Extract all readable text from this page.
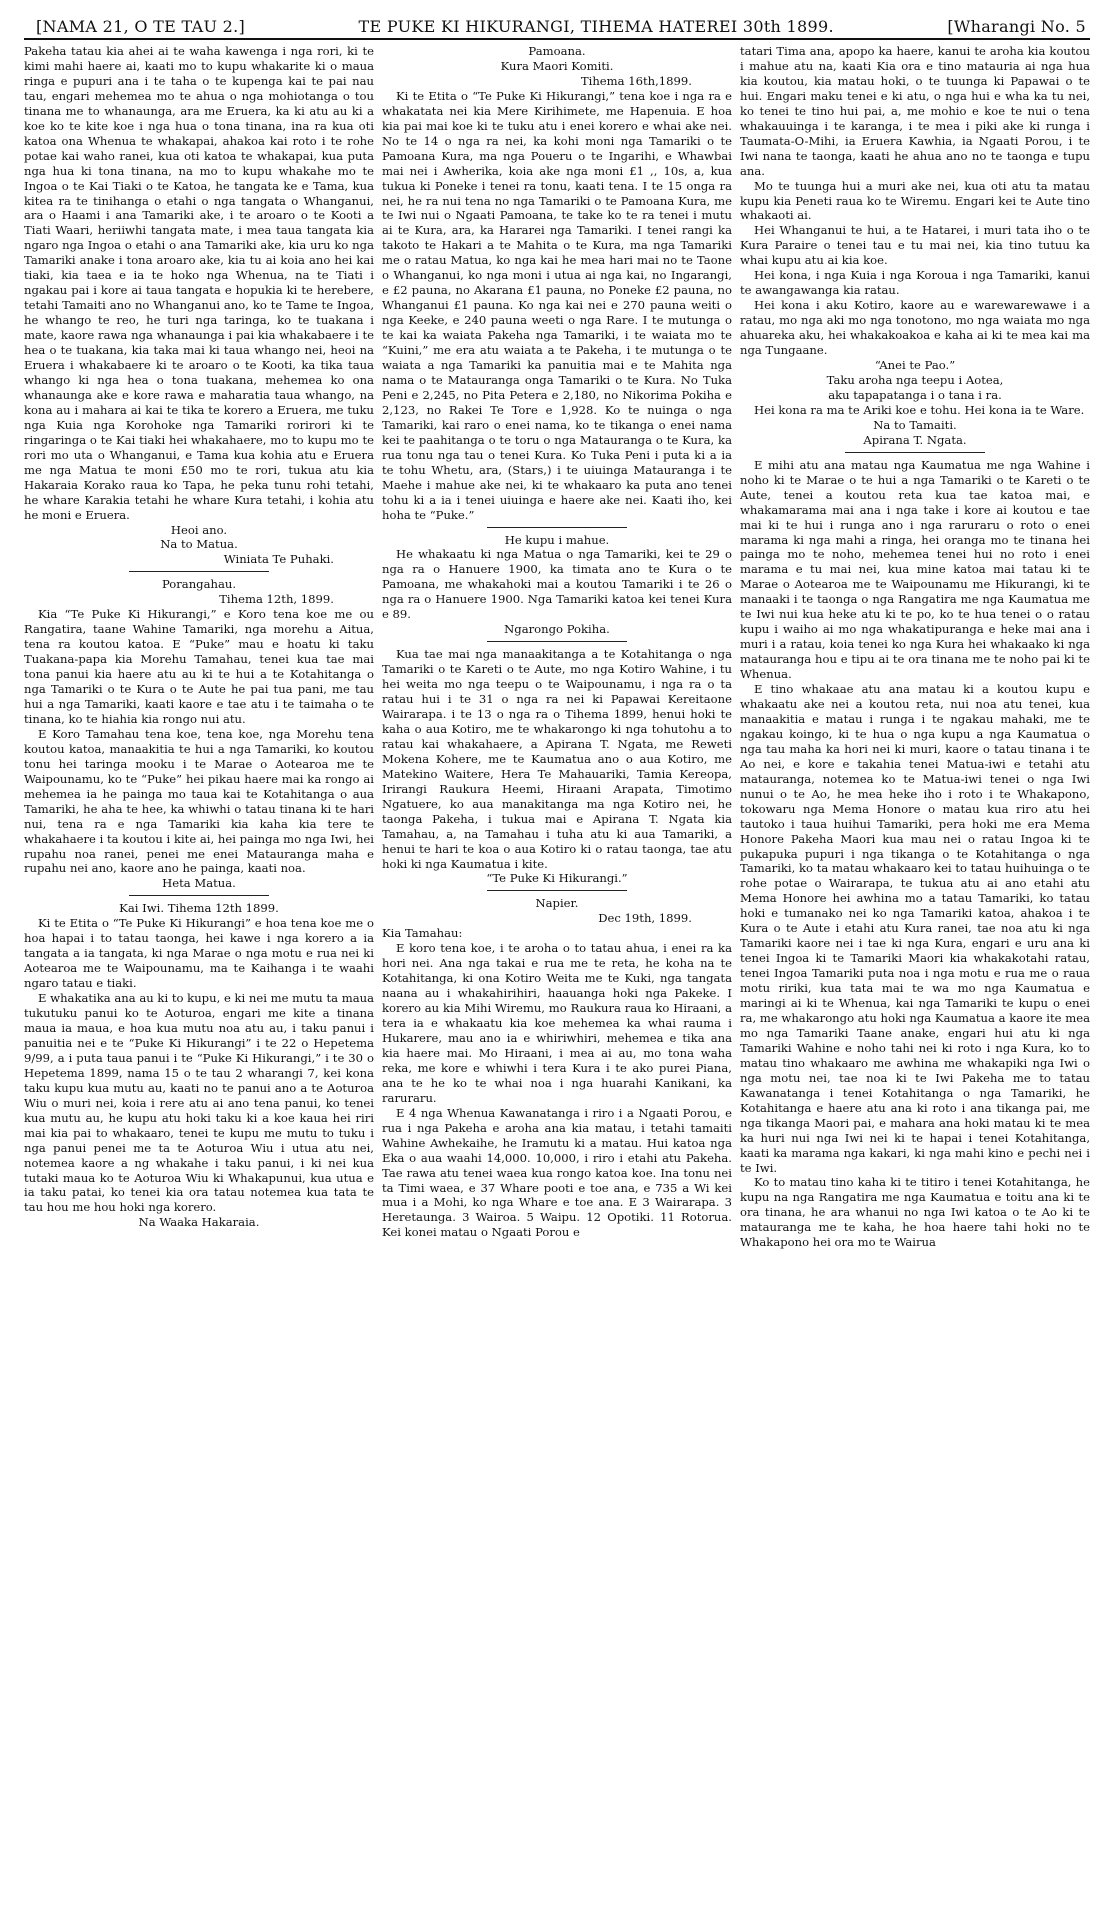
[NAMA 21, O TE TAU 2.]	TE PUKE KI HIKURANGI, TIHEMA HATEREI 30th 1899.	[Wharangi No. 5

Pakeha tatau kia ahei ai te waha kawenga i nga rori, ki te kimi mahi haere ai, kaati mo to kupu whakarite ki o maua ringa e pupuri ana i te taha o te kupenga kai te pai nau tau, engari mehemea mo te ahua o nga mohiotanga o tou tinana me to whanaunga, ara me Eruera, ka ki atu au ki a koe ko te kite koe i nga hua o tona tinana, ina ra kua oti katoa ona Whenua te whakapai, ahakoa kai roto i te rohe potae kai waho ranei, kua oti katoa te whakapai, kua puta nga hua ki tona tinana, na mo to kupu whakahe mo te Ingoa o te Kai Tiaki o te Katoa, he tangata ke e Tama, kua kitea ra te tinihanga o etahi o nga tangata o Whanganui, ara o Haami i ana Tamariki ake, i te aroaro o te Kooti a Tiati Waari, heriiwhi tangata mate, i mea taua tangata kia ngaro nga Ingoa o etahi o ana Tamariki ake, kia uru ko nga Tamariki anake i tona aroaro ake, kia tu ai koia ano hei kai tiaki, kia taea e ia te hoko nga Whenua, na te Tiati i ngakau pai i kore ai taua tangata e hopukia ki te herebere, tetahi Tamaiti ano no Whanganui ano, ko te Tame te Ingoa, he whango te reo, he turi nga taringa, ko te tuakana i mate, kaore rawa nga whanaunga i pai kia whakabaere i te hea o te tuakana, kia taka mai ki taua whango nei, heoi na Eruera i whakabaere ki te aroaro o te Kooti, ka tika taua whango ki nga hea o tona tuakana, mehemea ko ona whanaunga ake e kore rawa e maharatia taua whango, na kona au i mahara ai kai te tika te korero a Eruera, me tuku nga Kuia nga Korohoke nga Tamariki rorirori ki te ringaringa o te Kai tiaki hei whakahaere, mo to kupu mo te rori mo uta o Whanganui, e Tama kua kohia atu e Eruera me nga Matua te moni £50 mo te rori, tukua atu kia Hakaraia Korako raua ko Tapa, he peka tunu rohi tetahi, he whare Karakia tetahi he whare Kura tetahi, i kohia atu he moni e Eruera.

Heoi ano.

Na to Matua.

Winiata Te Puhaki.

Porangahau.

Tihema 12th, 1899.

Kia “Te Puke Ki Hikurangi,” e Koro tena koe me ou Rangatira, taane Wahine Tamariki, nga morehu a Aitua, tena ra koutou katoa. E “Puke” mau e hoatu ki taku Tuakana-papa kia Morehu Tamahau, tenei kua tae mai tona panui kia haere atu au ki te hui a te Kotahitanga o nga Tamariki o te Kura o te Aute he pai tua pani, me tau hui a nga Tamariki, kaati kaore e tae atu i te taimaha o te tinana, ko te hiahia kia rongo nui atu.

E Koro Tamahau tena koe, tena koe, nga Morehu tena koutou katoa, manaakitia te hui a nga Tamariki, ko koutou tonu hei taringa mooku i te Marae o Aotearoa me te Waipounamu, ko te “Puke” hei pikau haere mai ka rongo ai mehemea ia he painga mo taua kai te Kotahitanga o aua Tamariki, he aha te hee, ka whiwhi o tatau tinana ki te hari nui, tena ra e nga Tamariki kia kaha kia tere te whakahaere i ta koutou i kite ai, hei painga mo nga Iwi, hei rupahu noa ranei, penei me enei Matauranga maha e rupahu nei ano, kaore ano he painga, kaati noa.

Heta Matua.

Kai Iwi. Tihema 12th 1899.

Ki te Etita o “Te Puke Ki Hikurangi” e hoa tena koe me o hoa hapai i to tatau taonga, hei kawe i nga korero a ia tangata a ia tangata, ki nga Marae o nga motu e rua nei ki Aotearoa me te Waipounamu, ma te Kaihanga i te waahi ngaro tatau e tiaki.

E whakatika ana au ki to kupu, e ki nei me mutu ta maua tukutuku panui ko te Aoturoa, engari me kite a tinana maua ia maua, e hoa kua mutu noa atu au, i taku panui i panuitia nei e te “Puke Ki Hikurangi” i te 22 o Hepetema 9/99, a i puta taua panui i te “Puke Ki Hikurangi,” i te 30 o Hepetema 1899, nama 15 o te tau 2 wharangi 7, kei kona taku kupu kua mutu au, kaati no te panui ano a te Aoturoa Wiu o muri nei, koia i rere atu ai ano tena panui, ko tenei kua mutu au, he kupu atu hoki taku ki a koe kaua hei riri mai kia pai to whakaaro, tenei te kupu me mutu to tuku i nga panui penei me ta te Aoturoa Wiu i utua atu nei, notemea kaore a ng whakahe i taku panui, i ki nei kua tutaki maua ko te Aoturoa Wiu ki Whakapunui, kua utua e ia taku patai, ko tenei kia ora tatau notemea kua tata te tau hou me hou hoki nga korero.

Na Waaka Hakaraia.

Pamoana.

Kura Maori Komiti.

Tihema 16th,1899.

Ki te Etita o “Te Puke Ki Hikurangi,” tena koe i nga ra e whakatata nei kia Mere Kirihimete, me Hapenuia. E hoa kia pai mai koe ki te tuku atu i enei korero e whai ake nei. No te 14 o nga ra nei, ka kohi moni nga Tamariki o te Pamoana Kura, ma nga Poueru o te Ingarihi, e Whawbai mai nei i Awherika, koia ake nga moni £1 ,, 10s, a, kua tukua ki Poneke i tenei ra tonu, kaati tena. I te 15 onga ra nei, he ra nui tena no nga Tamariki o te Pamoana Kura, me te Iwi nui o Ngaati Pamoana, te take ko te ra tenei i mutu ai te Kura, ara, ka Hararei nga Tamariki. I tenei rangi ka takoto te Hakari a te Mahita o te Kura, ma nga Tamariki me o ratau Matua, ko nga kai he mea hari mai no te Taone o Whanganui, ko nga moni i utua ai nga kai, no Ingarangi, e £2 pauna, no Akarana £1 pauna, no Poneke £2 pauna, no Whanganui £1 pauna. Ko nga kai nei e 270 pauna weiti o nga Keeke, e 240 pauna weeti o nga Rare. I te mutunga o te kai ka waiata Pakeha nga Tamariki, i te waiata mo te “Kuini,” me era atu waiata a te Pakeha, i te mutunga o te waiata a nga Tamariki ka panuitia mai e te Mahita nga nama o te Matauranga onga Tamariki o te Kura. No Tuka Peni e 2,245, no Pita Petera e 2,180, no Nikorima Pokiha e 2,123, no Rakei Te Tore e 1,928. Ko te nuinga o nga Tamariki, kai raro o enei nama, ko te tikanga o enei nama kei te paahitanga o te toru o nga Matauranga o te Kura, ka rua tonu nga tau o tenei Kura. Ko Tuka Peni i puta ki a ia te tohu Whetu, ara, (Stars,) i te uiuinga Matauranga i te Maehe i mahue ake nei, ki te whakaaro ka puta ano tenei tohu ki a ia i tenei uiuinga e haere ake nei. Kaati iho, kei hoha te “Puke.”

He kupu i mahue.

He whakaatu ki nga Matua o nga Tamariki, kei te 29 o nga ra o Hanuere 1900, ka timata ano te Kura o te Pamoana, me whakahoki mai a koutou Tamariki i te 26 o nga ra o Hanuere 1900. Nga Tamariki katoa kei tenei Kura e 89.

Ngarongo Pokiha.

Kua tae mai nga manaakitanga a te Kotahitanga o nga Tamariki o te Kareti o te Aute, mo nga Kotiro Wahine, i tu hei weita mo nga teepu o te Waipounamu, i nga ra o ta ratau hui i te 31 o nga ra nei ki Papawai Kereitaone Wairarapa. i te 13 o nga ra o Tihema 1899, henui hoki te kaha o aua Kotiro, me te whakarongo ki nga tohutohu a to ratau kai whakahaere, a Apirana T. Ngata, me Reweti Mokena Kohere, me te Kaumatua ano o aua Kotiro, me Matekino Waitere, Hera Te Mahauariki, Tamia Kereopa, Irirangi Raukura Heemi, Hiraani Arapata, Timotimo Ngatuere, ko aua manakitanga ma nga Kotiro nei, he taonga Pakeha, i tukua mai e Apirana T. Ngata kia Tamahau, a, na Tamahau i tuha atu ki aua Tamariki, a henui te hari te koa o aua Kotiro ki o ratau taonga, tae atu hoki ki nga Kaumatua i kite.

“Te Puke Ki Hikurangi.”

Napier.

Dec 19th, 1899.

Kia Tamahau:

E koro tena koe, i te aroha o to tatau ahua, i enei ra ka hori nei. Ana nga takai e rua me te reta, he koha na te Kotahitanga, ki ona Kotiro Weita me te Kuki, nga tangata naana au i whakahirihiri, haauanga hoki nga Pakeke. I korero au kia Mihi Wiremu, mo Raukura raua ko Hiraani, a tera ia e whakaatu kia koe mehemea ka whai rauma i Hukarere, mau ano ia e whiriwhiri, mehemea e tika ana kia haere mai. Mo Hiraani, i mea ai au, mo tona waha reka, me kore e whiwhi i tera Kura i te ako purei Piana, ana te he ko te whai noa i nga huarahi Kanikani, ka raruraru.

E 4 nga Whenua Kawanatanga i riro i a Ngaati Porou, e rua i nga Pakeha e aroha ana kia matau, i tetahi tamaiti Wahine Awhekaihe, he Iramutu ki a matau. Hui katoa nga Eka o aua waahi 14,000. 10,000, i riro i etahi atu Pakeha. Tae rawa atu tenei waea kua rongo katoa koe. Ina tonu nei ta Timi waea, e 37 Whare pooti e toe ana, e 735 a Wi kei mua i a Mohi, ko nga Whare e toe ana. E 3 Wairarapa. 3 Heretaunga. 3 Wairoa. 5 Waipu. 12 Opotiki. 11 Rotorua. Kei konei matau o Ngaati Porou e

tatari Tima ana, apopo ka haere, kanui te aroha kia koutou i mahue atu na, kaati Kia ora e tino matauria ai nga hua kia koutou, kia matau hoki, o te tuunga ki Papawai o te hui. Engari maku tenei e ki atu, o nga hui e wha ka tu nei, ko tenei te tino hui pai, a, me mohio e koe te nui o tena whakauuinga i te karanga, i te mea i piki ake ki runga i Taumata-O-Mihi, ia Eruera Kawhia, ia Ngaati Porou, i te Iwi nana te taonga, kaati he ahua ano no te taonga e tupu ana.

Mo te tuunga hui a muri ake nei, kua oti atu ta matau kupu kia Peneti raua ko te Wiremu. Engari kei te Aute tino whakaoti ai.

Hei Whanganui te hui, a te Hatarei, i muri tata iho o te Kura Paraire o tenei tau e tu mai nei, kia tino tutuu ka whai kupu atu ai kia koe.

Hei kona, i nga Kuia i nga Koroua i nga Tamariki, kanui te awangawanga kia ratau.

Hei kona i aku Kotiro, kaore au e warewarewawe i a ratau, mo nga aki mo nga tonotono, mo nga waiata mo nga ahuareka aku, hei whakakoakoa e kaha ai ki te mea kai ma nga Tungaane.

“Anei te Pao.”

Taku aroha nga teepu i Aotea,

aku tapapatanga i o tana i ra.

Hei kona ra ma te Ariki koe e tohu. Hei kona ia te Ware.

Na to Tamaiti.

Apirana T. Ngata.

E mihi atu ana matau nga Kaumatua me nga Wahine i noho ki te Marae o te hui a nga Tamariki o te Kareti o te Aute, tenei a koutou reta kua tae katoa mai, e whakamarama mai ana i nga take i kore ai koutou e tae mai ki te hui i runga ano i nga raruraru o roto o enei marama ki nga mahi a ringa, hei oranga mo te tinana hei painga mo te noho, mehemea tenei hui no roto i enei marama e tu mai nei, kua mine katoa mai tatau ki te Marae o Aotearoa me te Waipounamu me Hikurangi, ki te manaaki i te taonga o nga Rangatira me nga Kaumatua me te Iwi nui kua heke atu ki te po, ko te hua tenei o o ratau kupu i waiho ai mo nga whakatipuranga e heke mai ana i muri i a ratau, koia tenei ko nga Kura hei whakaako ki nga matauranga hou e tipu ai te ora tinana me te noho pai ki te Whenua.

E tino whakaae atu ana matau ki a koutou kupu e whakaatu ake nei a koutou reta, nui noa atu tenei, kua manaakitia e matau i runga i te ngakau mahaki, me te ngakau koingo, ki te hua o nga kupu a nga Kaumatua o nga tau maha ka hori nei ki muri, kaore o tatau tinana i te Ao nei, e kore e takahia tenei Matua-iwi e tetahi atu matauranga, notemea ko te Matua-iwi tenei o nga Iwi nunui o te Ao, he mea heke iho i roto i te Whakapono, tokowaru nga Mema Honore o matau kua riro atu hei tautoko i taua huihui Tamariki, pera hoki me era Mema Honore Pakeha Maori kua mau nei o ratau Ingoa ki te pukapuka pupuri i nga tikanga o te Kotahitanga o nga Tamariki, ko ta matau whakaaro kei to tatau huihuinga o te rohe potae o Wairarapa, te tukua atu ai ano etahi atu Mema Honore hei awhina mo a tatau Tamariki, ko tatau hoki e tumanako nei ko nga Tamariki katoa, ahakoa i te Kura o te Aute i etahi atu Kura ranei, tae noa atu ki nga Tamariki kaore nei i tae ki nga Kura, engari e uru ana ki tenei Ingoa ki te Tamariki Maori kia whakakotahi ratau, tenei Ingoa Tamariki puta noa i nga motu e rua me o raua motu ririki, kua tata mai te wa mo nga Kaumatua e maringi ai ki te Whenua, kai nga Tamariki te kupu o enei ra, me whakarongo atu hoki nga Kaumatua a kaore ite mea mo nga Tamariki Taane anake, engari hui atu ki nga Tamariki Wahine e noho tahi nei ki roto i nga Kura, ko to matau tino whakaaro me awhina me whakapiki nga Iwi o nga motu nei, tae noa ki te Iwi Pakeha me to tatau Kawanatanga i tenei Kotahitanga o nga Tamariki, he Kotahitanga e haere atu ana ki roto i ana tikanga pai, me nga tikanga Maori pai, e mahara ana hoki matau ki te mea ka huri nui nga Iwi nei ki te hapai i tenei Kotahitanga, kaati ka marama nga kakari, ki nga mahi kino e pechi nei i te Iwi.

Ko to matau tino kaha ki te titiro i tenei Kotahitanga, he kupu na nga Rangatira me nga Kaumatua e toitu ana ki te ora tinana, he ara whanui no nga Iwi katoa o te Ao ki te matauranga me te kaha, he hoa haere tahi hoki no te Whakapono hei ora mo te Wairua
